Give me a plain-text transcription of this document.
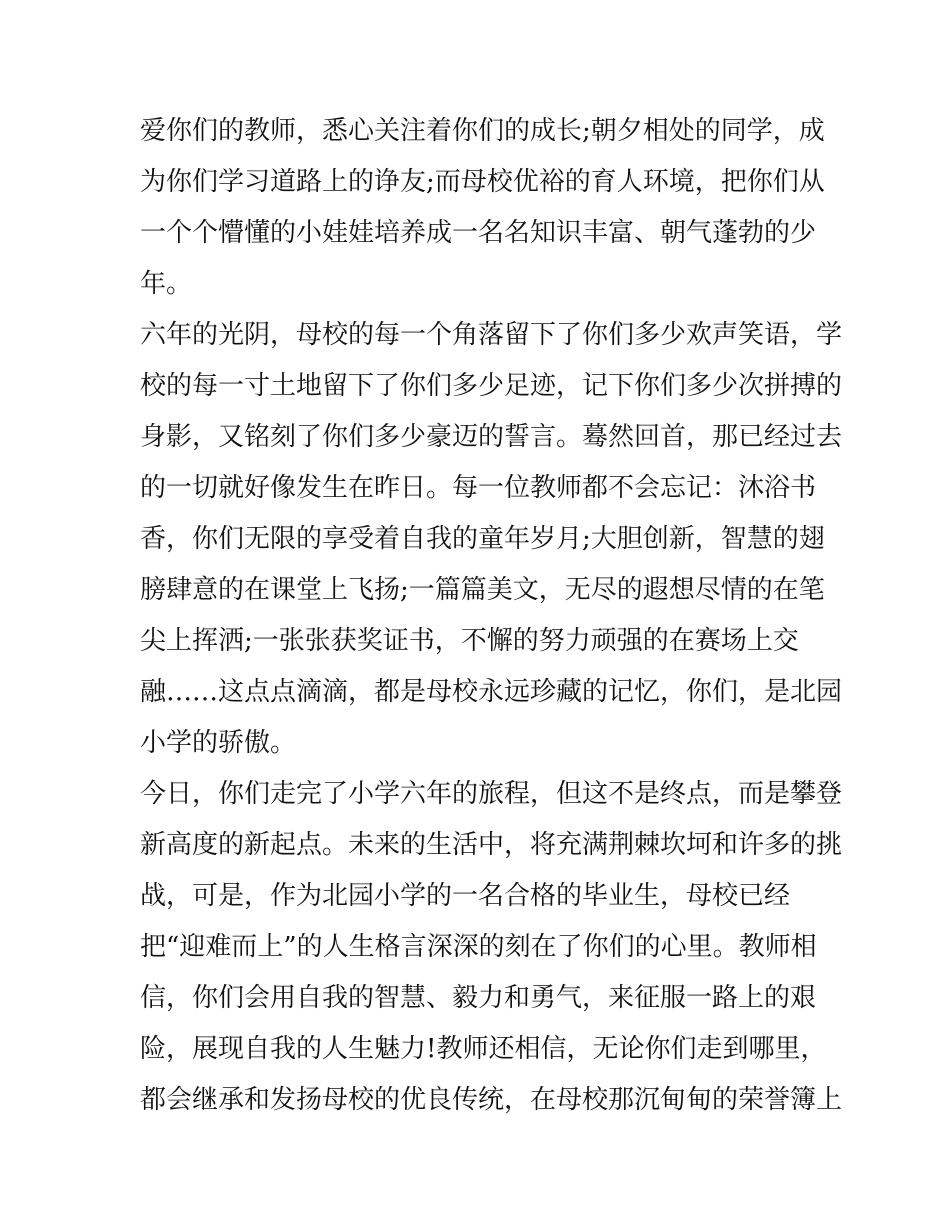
爱你们的教师，悉心关注着你们的成长;朝夕相处的同学，成
为你们学习道路上的诤友;而母校优裕的育人环境，把你们从
一个个懵懂的小娃娃培养成一名名知识丰富、朝气蓬勃的少
年。
六年的光阴，母校的每一个角落留下了你们多少欢声笑语，学
校的每一寸土地留下了你们多少足迹，记下你们多少次拼搏的
身影，又铭刻了你们多少豪迈的誓言。蓦然回首，那已经过去
的一切就好像发生在昨日。每一位教师都不会忘记：沐浴书
香，你们无限的享受着自我的童年岁月;大胆创新，智慧的翅
膀肆意的在课堂上飞扬;一篇篇美文，无尽的遐想尽情的在笔
尖上挥洒;一张张获奖证书，不懈的努力顽强的在赛场上交
融……这点点滴滴，都是母校永远珍藏的记忆，你们，是北园
小学的骄傲。
今日，你们走完了小学六年的旅程，但这不是终点，而是攀登
新高度的新起点。未来的生活中，将充满荆棘坎坷和许多的挑
战，可是，作为北园小学的一名合格的毕业生，母校已经
把“迎难而上”的人生格言深深的刻在了你们的心里。教师相
信，你们会用自我的智慧、毅力和勇气，来征服一路上的艰
险，展现自我的人生魅力!教师还相信，无论你们走到哪里，
都会继承和发扬母校的优良传统，在母校那沉甸甸的荣誉簿上
